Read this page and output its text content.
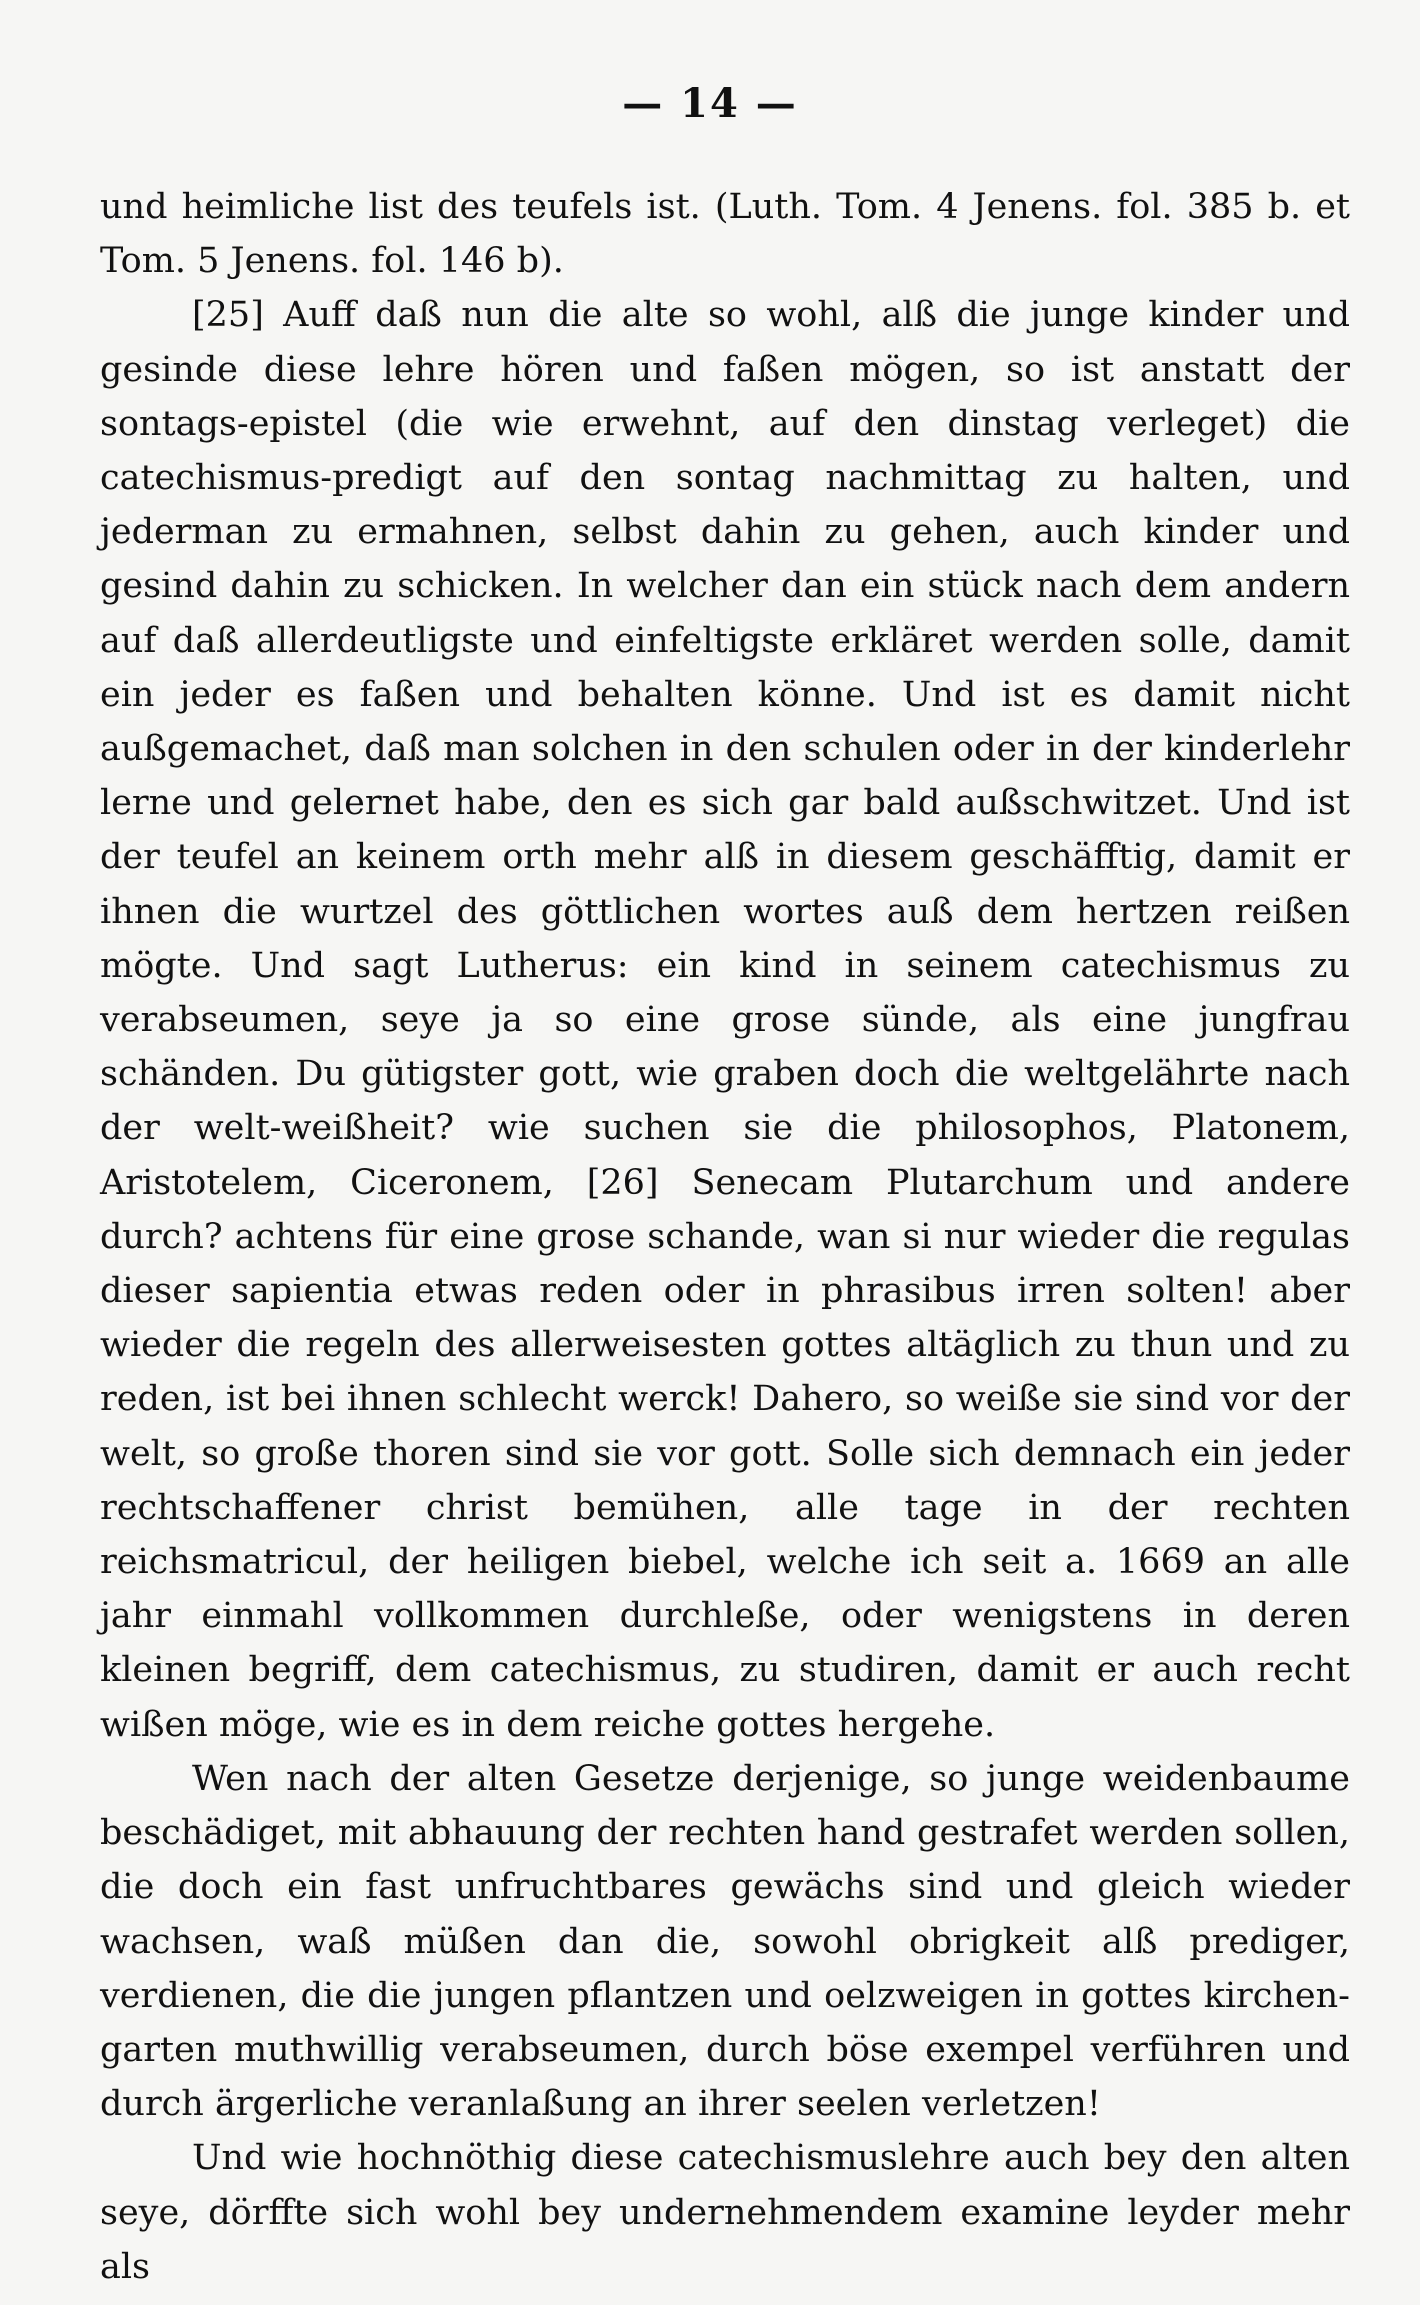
— 14 —

und heimliche list des teufels ist. (Luth. Tom. 4 Jenens. fol. 385 b. et Tom. 5 Jenens. fol. 146 b).

[25] Auff daß nun die alte so wohl, alß die junge kinder und gesinde diese lehre hören und faßen mögen, so ist anstatt der sontags-epistel (die wie erwehnt, auf den dinstag verleget) die catechismus-predigt auf den sontag nachmittag zu halten, und jederman zu ermahnen, selbst dahin zu gehen, auch kinder und gesind dahin zu schicken. In welcher dan ein stück nach dem andern auf daß allerdeutligste und einfeltigste erkläret werden solle, damit ein jeder es faßen und behalten könne. Und ist es damit nicht außgemachet, daß man solchen in den schulen oder in der kinderlehr lerne und gelernet habe, den es sich gar bald außschwitzet. Und ist der teufel an keinem orth mehr alß in diesem geschäfftig, damit er ihnen die wurtzel des göttlichen wortes auß dem hertzen reißen mögte. Und sagt Lutherus: ein kind in seinem catechismus zu verabseumen, seye ja so eine grose sünde, als eine jungfrau schänden. Du gütigster gott, wie graben doch die weltgelährte nach der welt-weißheit? wie suchen sie die philosophos, Platonem, Aristotelem, Ciceronem, [26] Senecam Plutarchum und andere durch? achtens für eine grose schande, wan si nur wieder die regulas dieser sapientia etwas reden oder in phrasibus irren solten! aber wieder die regeln des allerweisesten gottes altäglich zu thun und zu reden, ist bei ihnen schlecht werck! Dahero, so weiße sie sind vor der welt, so große thoren sind sie vor gott. Solle sich demnach ein jeder rechtschaffener christ bemühen, alle tage in der rechten reichsmatricul, der heiligen biebel, welche ich seit a. 1669 an alle jahr einmahl vollkommen durchleße, oder wenigstens in deren kleinen begriff, dem catechismus, zu studiren, damit er auch recht wißen möge, wie es in dem reiche gottes hergehe.

Wen nach der alten Gesetze derjenige, so junge weidenbaume beschädiget, mit abhauung der rechten hand gestrafet werden sollen, die doch ein fast unfruchtbares gewächs sind und gleich wieder wachsen, waß müßen dan die, sowohl obrigkeit alß prediger, verdienen, die die jungen pflantzen und oelzweigen in gottes kirchen-garten muthwillig verabseumen, durch böse exempel verführen und durch ärgerliche veranlaßung an ihrer seelen verletzen!

Und wie hochnöthig diese catechismuslehre auch bey den alten seye, dörffte sich wohl bey undernehmendem examine leyder mehr als
